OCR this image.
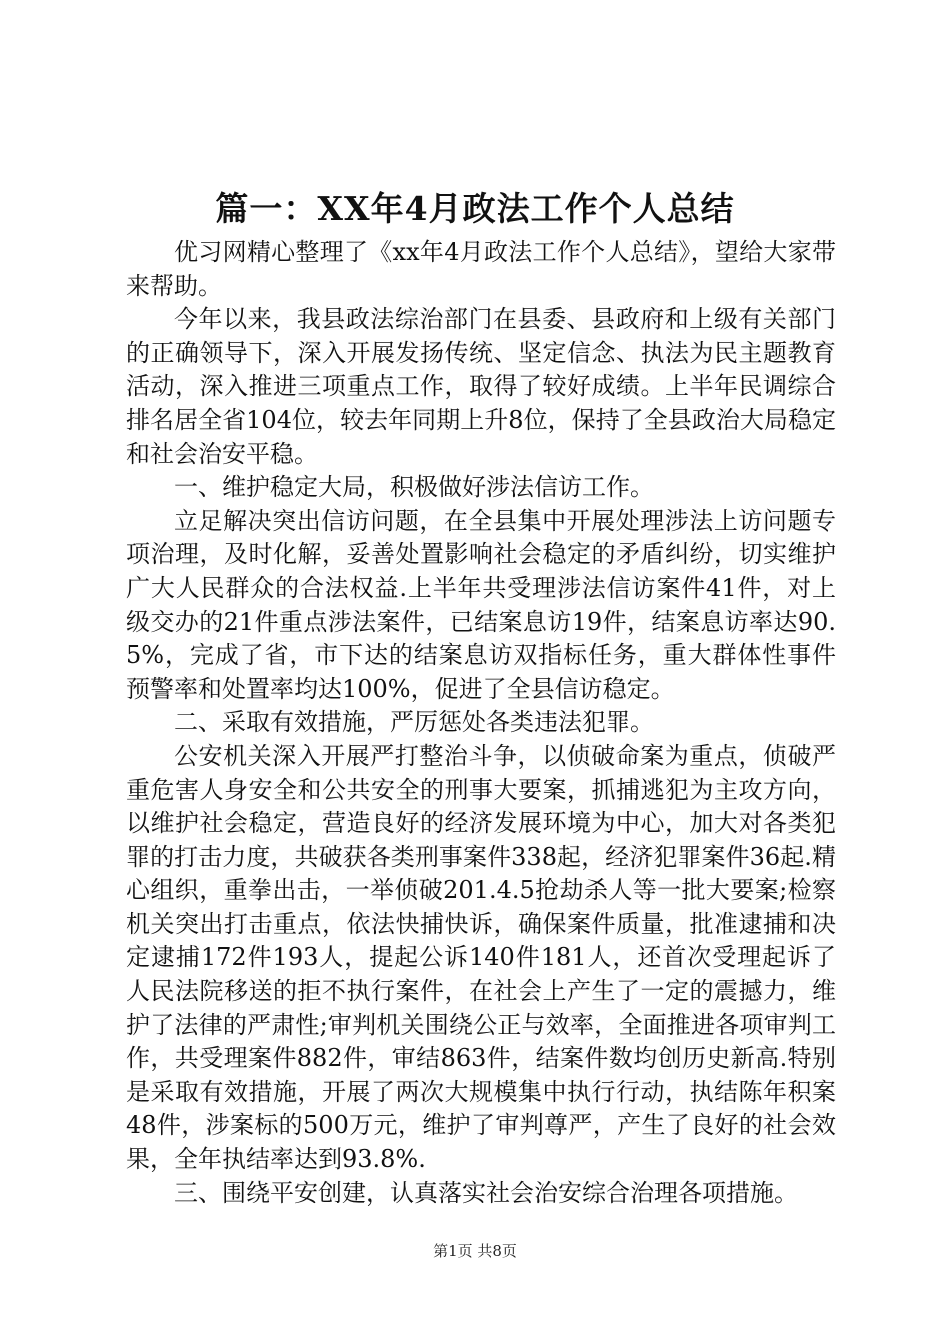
篇一：XX年4月政法工作个人总结

优习网精心整理了《xx年4月政法工作个人总结》，望给大家带来帮助。

今年以来，我县政法综治部门在县委、县政府和上级有关部门的正确领导下，深入开展发扬传统、坚定信念、执法为民主题教育活动，深入推进三项重点工作，取得了较好成绩。上半年民调综合排名居全省104位，较去年同期上升8位，保持了全县政治大局稳定和社会治安平稳。

一、维护稳定大局，积极做好涉法信访工作。

立足解决突出信访问题，在全县集中开展处理涉法上访问题专项治理，及时化解，妥善处置影响社会稳定的矛盾纠纷，切实维护广大人民群众的合法权益.上半年共受理涉法信访案件41件，对上级交办的21件重点涉法案件，已结案息访19件，结案息访率达90.5%，完成了省，市下达的结案息访双指标任务，重大群体性事件预警率和处置率均达100%，促进了全县信访稳定。

二、采取有效措施，严厉惩处各类违法犯罪。

公安机关深入开展严打整治斗争，以侦破命案为重点，侦破严重危害人身安全和公共安全的刑事大要案，抓捕逃犯为主攻方向，以维护社会稳定，营造良好的经济发展环境为中心，加大对各类犯罪的打击力度，共破获各类刑事案件338起，经济犯罪案件36起.精心组织，重拳出击，一举侦破201.4.5抢劫杀人等一批大要案;检察机关突出打击重点，依法快捕快诉，确保案件质量，批准逮捕和决定逮捕172件193人，提起公诉140件181人，还首次受理起诉了人民法院移送的拒不执行案件，在社会上产生了一定的震撼力，维护了法律的严肃性;审判机关围绕公正与效率，全面推进各项审判工作，共受理案件882件，审结863件，结案件数均创历史新高.特别是采取有效措施，开展了两次大规模集中执行行动，执结陈年积案48件，涉案标的500万元，维护了审判尊严，产生了良好的社会效果，全年执结率达到93.8%.

三、围绕平安创建，认真落实社会治安综合治理各项措施。

第1页 共8页
